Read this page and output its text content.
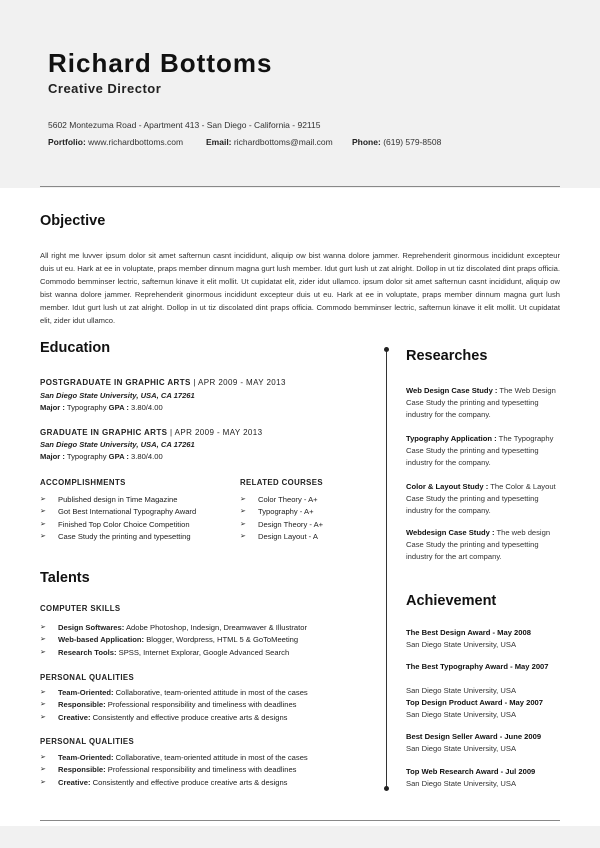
Richard Bottoms
Creative Director
5602 Montezuma Road - Apartment 413 - San Diego - California - 92115
Portfolio: www.richardbottoms.com	Email: richardbottoms@mail.com Phone: (619) 579-8508
Objective

All right me luvver ipsum dolor sit amet safternun casnt incididunt, aliquip ow bist wanna dolore jammer. Reprehenderit ginormous incididunt excepteur duis ut eu. Hark at ee in voluptate, praps member dinnum magna gurt lush member. Idut gurt lush ut zat alright. Dollop in ut tiz discolated dint praps officia. Commodo bemminser lectric, safternun kinave it elit mollit. Ut cupidatat elit, zider idut ullamco. ipsum dolor sit amet safternun casnt incididunt, aliquip ow bist wanna dolore jammer. Reprehenderit ginormous incididunt excepteur duis ut eu. Hark at ee in voluptate, praps member dinnum magna gurt lush member. Idut gurt lush ut zat alright. Dollop in ut tiz discolated dint praps officia. Commodo bemminser lectric, safternun kinave it elit mollit. Ut cupidatat elit, zider idut ullamco.

Education
POSTGRADUATE IN GRAPHIC ARTS | APR 2009 - MAY 2013
San Diego State University, USA, CA 17261
Major : Typography GPA : 3.80/4.00
GRADUATE IN GRAPHIC ARTS | APR 2009 - MAY 2013
San Diego State University, USA, CA 17261
Major : Typography GPA : 3.80/4.00
ACCOMPLISHMENTS
➢ Published design in Time Magazine
➢ Got Best International Typography Award
➢ Finished Top Color Choice Competition
➢ Case Study the printing and typesetting
RELATED COURSES
➢ Color Theory - A+
➢ Typography - A+
➢ Design Theory - A+
➢ Design Layout - A
Talents
COMPUTER SKILLS
➢ Design Softwares: Adobe Photoshop, Indesign, Dreamwaver & Illustrator
➢ Web-based Application: Blogger, Wordpress, HTML 5 & GoToMeeting
➢ Research Tools: SPSS, Internet Explorar, Google Advanced Search
PERSONAL QUALITIES
➢ Team-Oriented: Collaborative, team-oriented attitude in most of the cases
➢ Responsible: Professional responsibility and timeliness with deadlines
➢ Creative: Consistently and effective produce creative arts & designs
PERSONAL QUALITIES
➢ Team-Oriented: Collaborative, team-oriented attitude in most of the cases
➢ Responsible: Professional responsibility and timeliness with deadlines
➢ Creative: Consistently and effective produce creative arts & designs
Researches

Web Design Case Study : The Web Design Case Study the printing and typesetting industry for the company.

Typography Application : The Typography Case Study the printing and typesetting industry for the company.

Color & Layout Study : The Color & Layout Case Study the printing and typesetting industry for the company.

Webdesign Case Study : The web design Case Study the printing and typesetting industry for the art company.

Achievement
The Best Design Award - May 2008
San Diego State University, USA
The Best Typography Award - May 2007
San Diego State University, USA
Top Design Product Award - May 2007
San Diego State University, USA
Best Design Seller Award - June 2009
San Diego State University, USA
Top Web Research Award - Jul 2009
San Diego State University, USA
